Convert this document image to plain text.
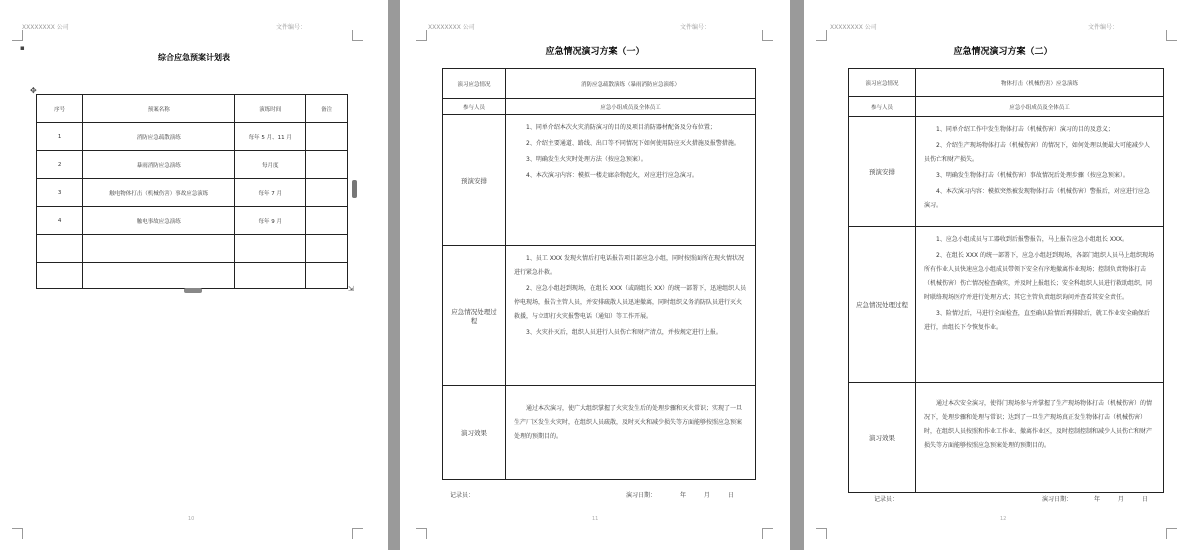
XXXXXXXX 公司	文件编号：
▪
综合应急预案计划表
✥
序号	预案名称	演练时间	备注
1	消防应急疏散演练	每年 5 月、11 月	
2	暴雨消防应急演练	每月度	
3	触电物体打击（机械伤害）事故应急演练	每年 7 月	
4	触电事故应急演练	每年 9 月	

⇲
10
XXXXXXXX 公司	文件编号：
应急情况演习方案（一）
演习应急情况	消防应急疏散演练（暴雨消防应急演练）
参与人员	应急小组成员及全体员工
预演安排	1、同单介绍本次火灾消防演习的目的及项目消防器材配备及分布位置；

2、介绍主要通道、路线、出口等不同情况下如何使用防应灭火措施及报警措施。

3、明确发生火灾时处理方法（按应急预案）。

4、本次演习内容：模拟一楼走廊杂物起火，对应进行应急演习。

应急情况处理过程	1、员工 XXX 发现火情后打电话报告项目部应急小组，同时按照面所在现火情状况进行紧急扑救。

2、应急小组赶到现场，在组长 XXX（或副组长 XX）的统一部署下，迅速组织人员停电现场，报告主管人员，并安排疏散人员迅速撤离，同时组织义务消防队员进行灭火救援，与立即打火灾报警电话（通知）等工作开展。

3、火灾扑灭后，组织人员进行人员伤亡和财产清点，并按规定进行上报。

演习效果	通过本次演习，使广大组织掌握了火灾发生后的处理步骤和灭火常识；实现了一旦生产厂区发生火灾时，在组织人员疏散，及时灭火和减少损失等方面能够按照应急预案处理的预期目的。

记录员：	演习日期：	年	月	日
11
XXXXXXXX 公司	文件编号：
应急情况演习方案（二）
演习应急情况	物体打击（机械伤害）应急演练
参与人员	应急小组成员及全体员工
预演安排	1、同单介绍工作中发生物体打击（机械伤害）演习的目的及意义；

2、介绍生产现场物体打击（机械伤害）的情况下，如何处理以便最大可能减少人员伤亡和财产损失。

3、明确发生物体打击（机械伤害）事故情况后处理步骤（按应急预案）。

4、本次演习内容：模拟突然被发现物体打击（机械伤害）警报后，对应进行应急演习。

应急情况处理过程	1、应急小组成员与工器收到后报警报告，马上报告应急小组组长 XXX。

2、在组长 XXX 的统一部署下，应急小组赶到现场，各部门组织人员马上组织现场所有作业人员快速应急小组成员带领下安全有序地撤离作业现场；控制负责物体打击（机械伤害）伤亡情况检查确实，并及时上报组长；安全科组织人员进行救助组织，同时联络现场医疗并进行处理方式；其它主管负责组织询问并查看其安全责任。

3、险情过后，马进行全面检查，直至确认险情后再排除后，就工作业安全确保后进行，由组长下令恢复作业。

演习效果	通过本次安全演习，使得门现场参与并掌握了生产现场物体打击（机械伤害）的情况下，处理步骤和处理与常识；达到了一旦生产现场真正发生物体打击（机械伤害）时，在组织人员按照和作业工作业、撤离作业区，及时控制控制和减少人员伤亡和财产损失等方面能够按照应急预案处理的预期目的。

记录员：	演习日期：	年	月	日
12
